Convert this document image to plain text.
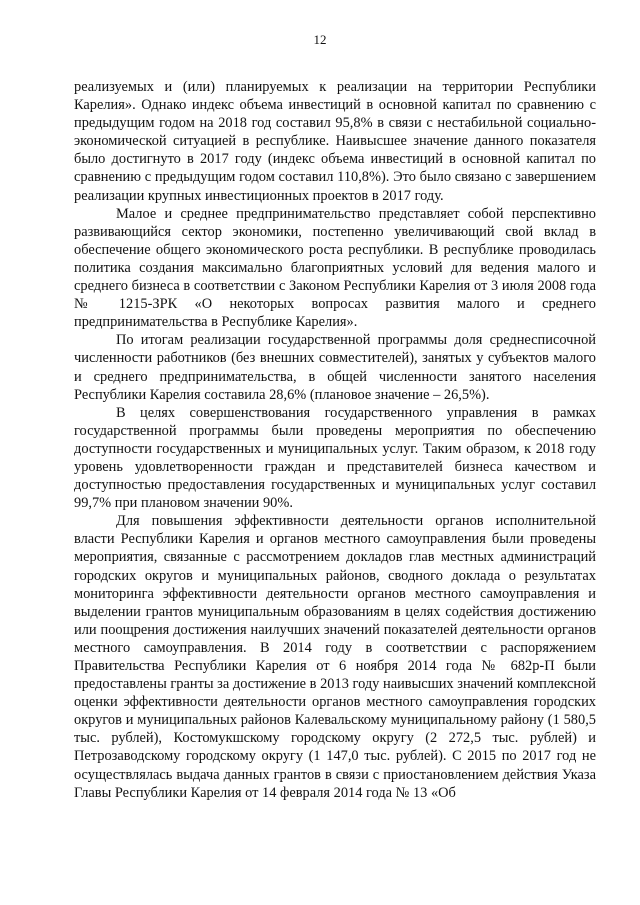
12

реализуемых и (или) планируемых к реализации на территории Республики Карелия». Однако индекс объема инвестиций в основной капитал по сравнению с предыдущим годом на 2018 год составил 95,8% в связи с нестабильной социально-экономической ситуацией в республике. Наивысшее значение данного показателя было достигнуто в 2017 году (индекс объема инвестиций в основной капитал по сравнению с предыдущим годом составил 110,8%). Это было связано с завершением реализации крупных инвестиционных проектов в 2017 году.

Малое и среднее предпринимательство представляет собой перспективно развивающийся сектор экономики, постепенно увеличивающий свой вклад в обеспечение общего экономического роста республики. В республике проводилась политика создания максимально благоприятных условий для ведения малого и среднего бизнеса в соответствии с Законом Республики Карелия от 3 июля 2008 года № 1215-ЗРК «О некоторых вопросах развития малого и среднего предпринимательства в Республике Карелия».

По итогам реализации государственной программы доля среднесписочной численности работников (без внешних совместителей), занятых у субъектов малого и среднего предпринимательства, в общей численности занятого населения Республики Карелия составила 28,6% (плановое значение – 26,5%).

В целях совершенствования государственного управления в рамках государственной программы были проведены мероприятия по обеспечению доступности государственных и муниципальных услуг. Таким образом, к 2018 году уровень удовлетворенности граждан и представителей бизнеса качеством и доступностью предоставления государственных и муниципальных услуг составил 99,7% при плановом значении 90%.

Для повышения эффективности деятельности органов исполнительной власти Республики Карелия и органов местного самоуправления были проведены мероприятия, связанные с рассмотрением докладов глав местных администраций городских округов и муниципальных районов, сводного доклада о результатах мониторинга эффективности деятельности органов местного самоуправления и выделении грантов муниципальным образованиям в целях содействия достижению или поощрения достижения наилучших значений показателей деятельности органов местного самоуправления. В 2014 году в соответствии с распоряжением Правительства Республики Карелия от 6 ноября 2014 года № 682р-П были предоставлены гранты за достижение в 2013 году наивысших значений комплексной оценки эффективности деятельности органов местного самоуправления городских округов и муниципальных районов Калевальскому муниципальному району (1 580,5 тыс. рублей), Костомукшскому городскому округу (2 272,5 тыс. рублей) и Петрозаводскому городскому округу (1 147,0 тыс. рублей). С 2015 по 2017 год не осуществлялась выдача данных грантов в связи с приостановлением действия Указа Главы Республики Карелия от 14 февраля 2014 года № 13 «Об
